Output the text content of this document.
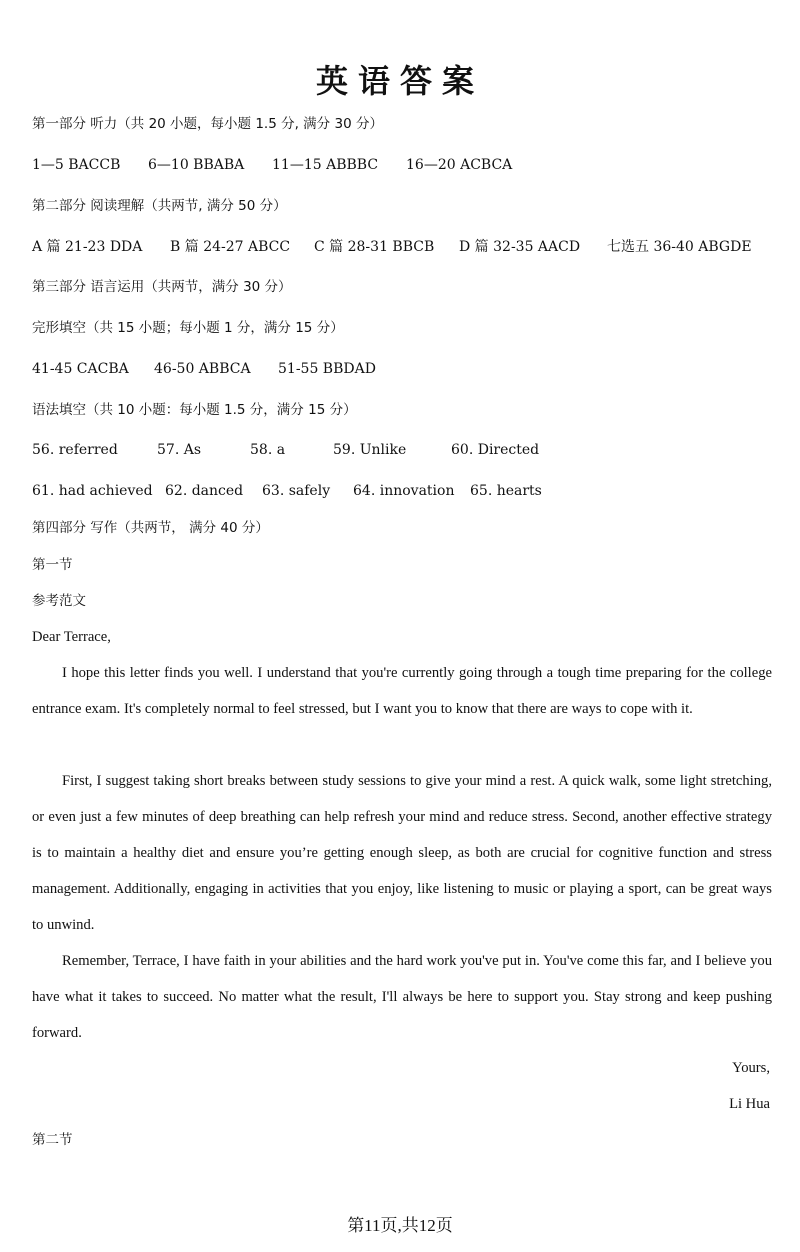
英语答案
第一部分 听力（共 20 小题，每小题 1.5 分, 满分 30 分）
1—5 BACCB 6—10 BBABA 11—15 ABBBC 16—20 ACBCA
第二部分 阅读理解（共两节, 满分 50 分）
A 篇 21-23 DDA B 篇 24-27 ABCC C 篇 28-31 BBCB D 篇 32-35 AACD 七选五 36-40 ABGDE
第三部分 语言运用（共两节，满分 30 分）
完形填空（共 15 小题；每小题 1 分，满分 15 分）
41-45 CACBA 46-50 ABBCA 51-55 BBDAD
语法填空（共 10 小题：每小题 1.5 分，满分 15 分）
56. referred	57. As	58. a	59. Unlike	60. Directed
61. had achieved 62. danced 63. safely 64. innovation 65. hearts
第四部分 写作（共两节， 满分 40 分）
第一节
参考范文
Dear Terrace,
I hope this letter finds you well. I understand that you're currently going through a tough time preparing for the college entrance exam. It's completely normal to feel stressed, but I want you to know that there are ways to cope with it.
First, I suggest taking short breaks between study sessions to give your mind a rest. A quick walk, some light stretching, or even just a few minutes of deep breathing can help refresh your mind and reduce stress. Second, another effective strategy is to maintain a healthy diet and ensure you’re getting enough sleep, as both are crucial for cognitive function and stress management. Additionally, engaging in activities that you enjoy, like listening to music or playing a sport, can be great ways to unwind.
Remember, Terrace, I have faith in your abilities and the hard work you've put in. You've come this far, and I believe you have what it takes to succeed. No matter what the result, I'll always be here to support you. Stay strong and keep pushing forward.
Yours,
Li Hua
第二节
第11页,共12页
